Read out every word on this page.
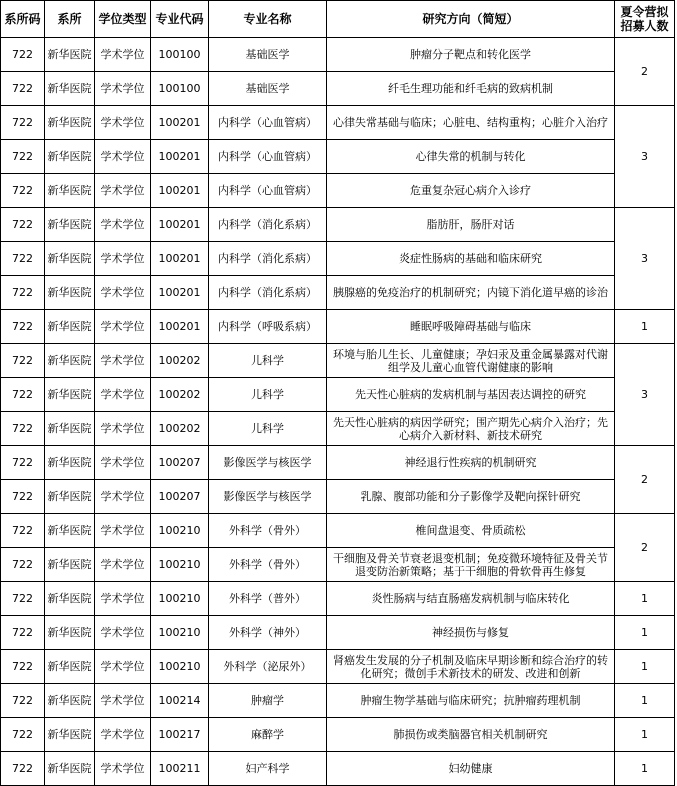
系所码	系所	学位类型	专业代码	专业名称	研究方向（简短）	夏令营拟招募人数
722	新华医院	学术学位	100100	基础医学	肿瘤分子靶点和转化医学	2
722	新华医院	学术学位	100100	基础医学	纤毛生理功能和纤毛病的致病机制	
722	新华医院	学术学位	100201	内科学（心血管病）	心律失常基础与临床；心脏电、结构重构；心脏介入治疗	3
722	新华医院	学术学位	100201	内科学（心血管病）	心律失常的机制与转化	
722	新华医院	学术学位	100201	内科学（心血管病）	危重复杂冠心病介入诊疗	
722	新华医院	学术学位	100201	内科学（消化系病）	脂肪肝，肠肝对话	3
722	新华医院	学术学位	100201	内科学（消化系病）	炎症性肠病的基础和临床研究	
722	新华医院	学术学位	100201	内科学（消化系病）	胰腺癌的免疫治疗的机制研究；内镜下消化道早癌的诊治	
722	新华医院	学术学位	100201	内科学（呼吸系病）	睡眠呼吸障碍基础与临床	1
722	新华医院	学术学位	100202	儿科学	环境与胎儿生长、儿童健康；孕妇汞及重金属暴露对代谢组学及儿童心血管代谢健康的影响	3
722	新华医院	学术学位	100202	儿科学	先天性心脏病的发病机制与基因表达调控的研究	
722	新华医院	学术学位	100202	儿科学	先天性心脏病的病因学研究；围产期先心病介入治疗；先心病介入新材料、新技术研究	
722	新华医院	学术学位	100207	影像医学与核医学	神经退行性疾病的机制研究	2
722	新华医院	学术学位	100207	影像医学与核医学	乳腺、腹部功能和分子影像学及靶向探针研究	
722	新华医院	学术学位	100210	外科学（骨外）	椎间盘退变、骨质疏松	2
722	新华医院	学术学位	100210	外科学（骨外）	干细胞及骨关节衰老退变机制；免疫微环境特征及骨关节退变防治新策略；基于干细胞的骨软骨再生修复	
722	新华医院	学术学位	100210	外科学（普外）	炎性肠病与结直肠癌发病机制与临床转化	1
722	新华医院	学术学位	100210	外科学（神外）	神经损伤与修复	1
722	新华医院	学术学位	100210	外科学（泌尿外）	肾癌发生发展的分子机制及临床早期诊断和综合治疗的转化研究；微创手术新技术的研发、改进和创新	1
722	新华医院	学术学位	100214	肿瘤学	肿瘤生物学基础与临床研究；抗肿瘤药理机制	1
722	新华医院	学术学位	100217	麻醉学	肺损伤或类脑器官相关机制研究	1
722	新华医院	学术学位	100211	妇产科学	妇幼健康	1
